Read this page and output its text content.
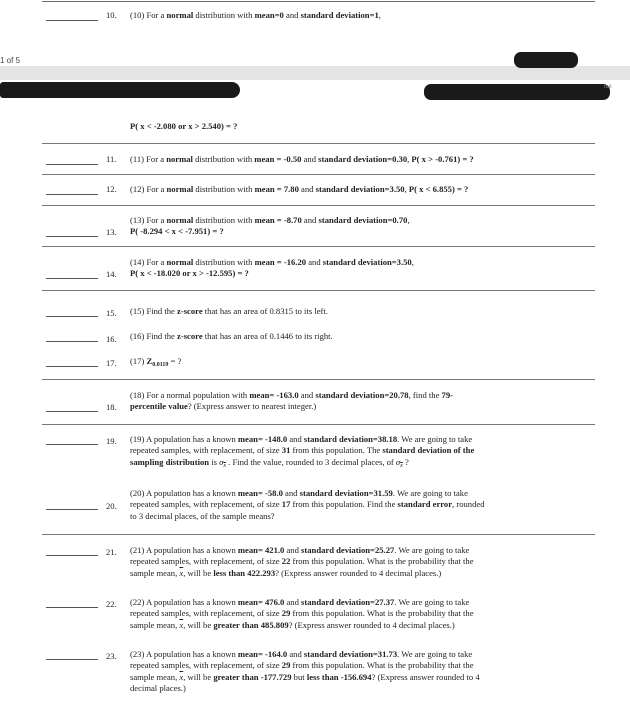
10.	(10) For a normal distribution with mean=0 and standard deviation=1,
1 of 5
nut
P( x < -2.080 or x > 2.540) = ?
11.	(11) For a normal distribution with mean = -0.50 and standard deviation=0.30, P( x > -0.761) = ?
12.	(12) For a normal distribution with mean = 7.80 and standard deviation=3.50, P( x < 6.855) = ?
13.
(13) For a normal distribution with mean = -8.70 and standard deviation=0.70,
P( -8.294 < x < -7.951) = ?
14.
(14) For a normal distribution with mean = -16.20 and standard deviation=3.50,
P( x < -18.020 or x > -12.595) = ?
15.	(15) Find the z-score that has an area of 0.8315 to its left.
16.	(16) Find the z-score that has an area of 0.1446 to its right.
17.	(17) $Z_{0.0119}$ = ?
18.
(18) For a normal population with mean= -163.0 and standard deviation=20.78, find the 79-
percentile value? (Express answer to nearest integer.)
19.	(19) A population has a known mean= -148.0 and standard deviation=38.18. We are going to take
repeated samples, with replacement, of size 31 from this population. The standard deviation of the
sampling distribution is $\sigma_{\overline{x}}$ . Find the value, rounded to 3 decimal places, of $\sigma_{\overline{x}}$ ?
20.
(20) A population has a known mean= -58.0 and standard deviation=31.59. We are going to take
repeated samples, with replacement, of size 17 from this population. Find the standard error, rounded
to 3 decimal places, of the sample means?
21.	(21) A population has a known mean= 421.0 and standard deviation=25.27. We are going to take
repeated samples, with replacement, of size 22 from this population. What is the probability that the
sample mean, $\overline{x}$, will be less than 422.293? (Express answer rounded to 4 decimal places.)
22.	(22) A population has a known mean= 476.0 and standard deviation=27.37. We are going to take
repeated samples, with replacement, of size 29 from this population. What is the probability that the
sample mean, $\overline{x}$, will be greater than 485.809? (Express answer rounded to 4 decimal places.)
23.	(23) A population has a known mean= -164.0 and standard deviation=31.73. We are going to take
repeated samples, with replacement, of size 29 from this population. What is the probability that the
sample mean, $\overline{x}$, will be greater than -177.729 but less than -156.694? (Express answer rounded to 4
decimal places.)
